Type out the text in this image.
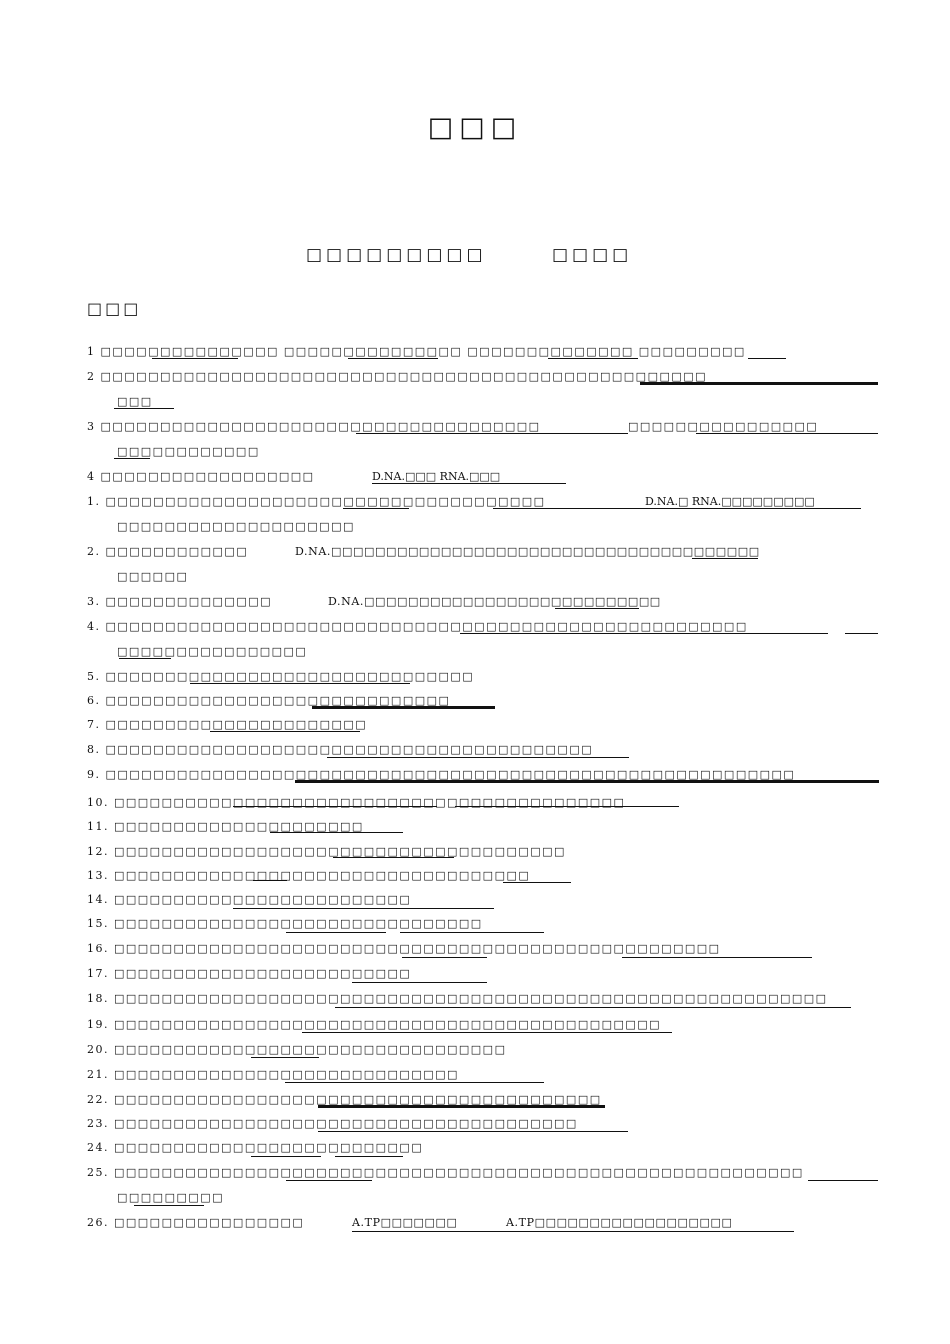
□□□
□□□□□□□□□	□□□□
□□□
1 □□□□□□□□□□□□□□□ □□□□□□□□□□□□□□□ □□□□□□□□□□□□□□ □□□□□□□□□
2 □□□□□□□□□□□□□□□□□□□□□□□□□□□□□□□□□□□□□□□□□□□□□□□□□□□
□□□
3 □□□□□□□□□□□□□□□□□□□□□□□□□□□□□□□□□□□□□	□□□□□□□□□□□□□□□□
□□□□□□□□□□□□
4 □□□□□□□□□□□□□□□□□□	D.NA.□□□ RNA.□□□
1. □□□□□□□□□□□□□□□□□□□□□□□□□□□□□□□□□□□□□	D.NA.□ RNA.□□□□□□□□□
□□□□□□□□□□□□□□□□□□□□
2. □□□□□□□□□□□□	D.NA.□□□□□□□□□□□□□□□□□□□□□□□□□□□□□□□□□□□□□□□
□□□□□□
3. □□□□□□□□□□□□□□	D.NA.□□□□□□□□□□□□□□□□□□□□□□□□□□□
4. □□□□□□□□□□□□□□□□□□□□□□□□□□□□□□□□□□□□□□□□□□□□□□□□□□□□□□
□□□□□□□□□□□□□□□□
5. □□□□□□□□□□□□□□□□□□□□□□□□□□□□□□□
6. □□□□□□□□□□□□□□□□□□□□□□□□□□□□□
7. □□□□□□□□□□□□□□□□□□□□□□
8. □□□□□□□□□□□□□□□□□□□□□□□□□□□□□□□□□□□□□□□□□
9. □□□□□□□□□□□□□□□□□□□□□□□□□□□□□□□□□□□□□□□□□□□□□□□□□□□□□□□□□□
10. □□□□□□□□□□□□□□□□□□□□□□□□□□□□□□□□□□□□□□□□□□□
11. □□□□□□□□□□□□□□□□□□□□□
12. □□□□□□□□□□□□□□□□□□□□□□□□□□□□□□□□□□□□□□
13. □□□□□□□□□□□□□□□□□□□□□□□□□□□□□□□□□□□
14. □□□□□□□□□□□□□□□□□□□□□□□□□
15. □□□□□□□□□□□□□□□□□□□□□□□□□□□□□□□
16. □□□□□□□□□□□□□□□□□□□□□□□□□□□□□□□□□□□□□□□□□□□□□□□□□□□
17. □□□□□□□□□□□□□□□□□□□□□□□□□
18. □□□□□□□□□□□□□□□□□□□□□□□□□□□□□□□□□□□□□□□□□□□□□□□□□□□□□□□□□□□□
19. □□□□□□□□□□□□□□□□□□□□□□□□□□□□□□□□□□□□□□□□□□□□□□
20. □□□□□□□□□□□□□□□□□□□□□□□□□□□□□□□□□
21. □□□□□□□□□□□□□□□□□□□□□□□□□□□□□
22. □□□□□□□□□□□□□□□□□□□□□□□□□□□□□□□□□□□□□□□□□
23. □□□□□□□□□□□□□□□□□□□□□□□□□□□□□□□□□□□□□□□
24. □□□□□□□□□□□□□□□□□□□□□□□□□□
25. □□□□□□□□□□□□□□□□□□□□□□□□□□□□□□□□□□□□□□□□□□□□□□□□□□□□□□□□□□
□□□□□□□□□
26. □□□□□□□□□□□□□□□□	A.TP□□□□□□□	A.TP□□□□□□□□□□□□□□□□□□
